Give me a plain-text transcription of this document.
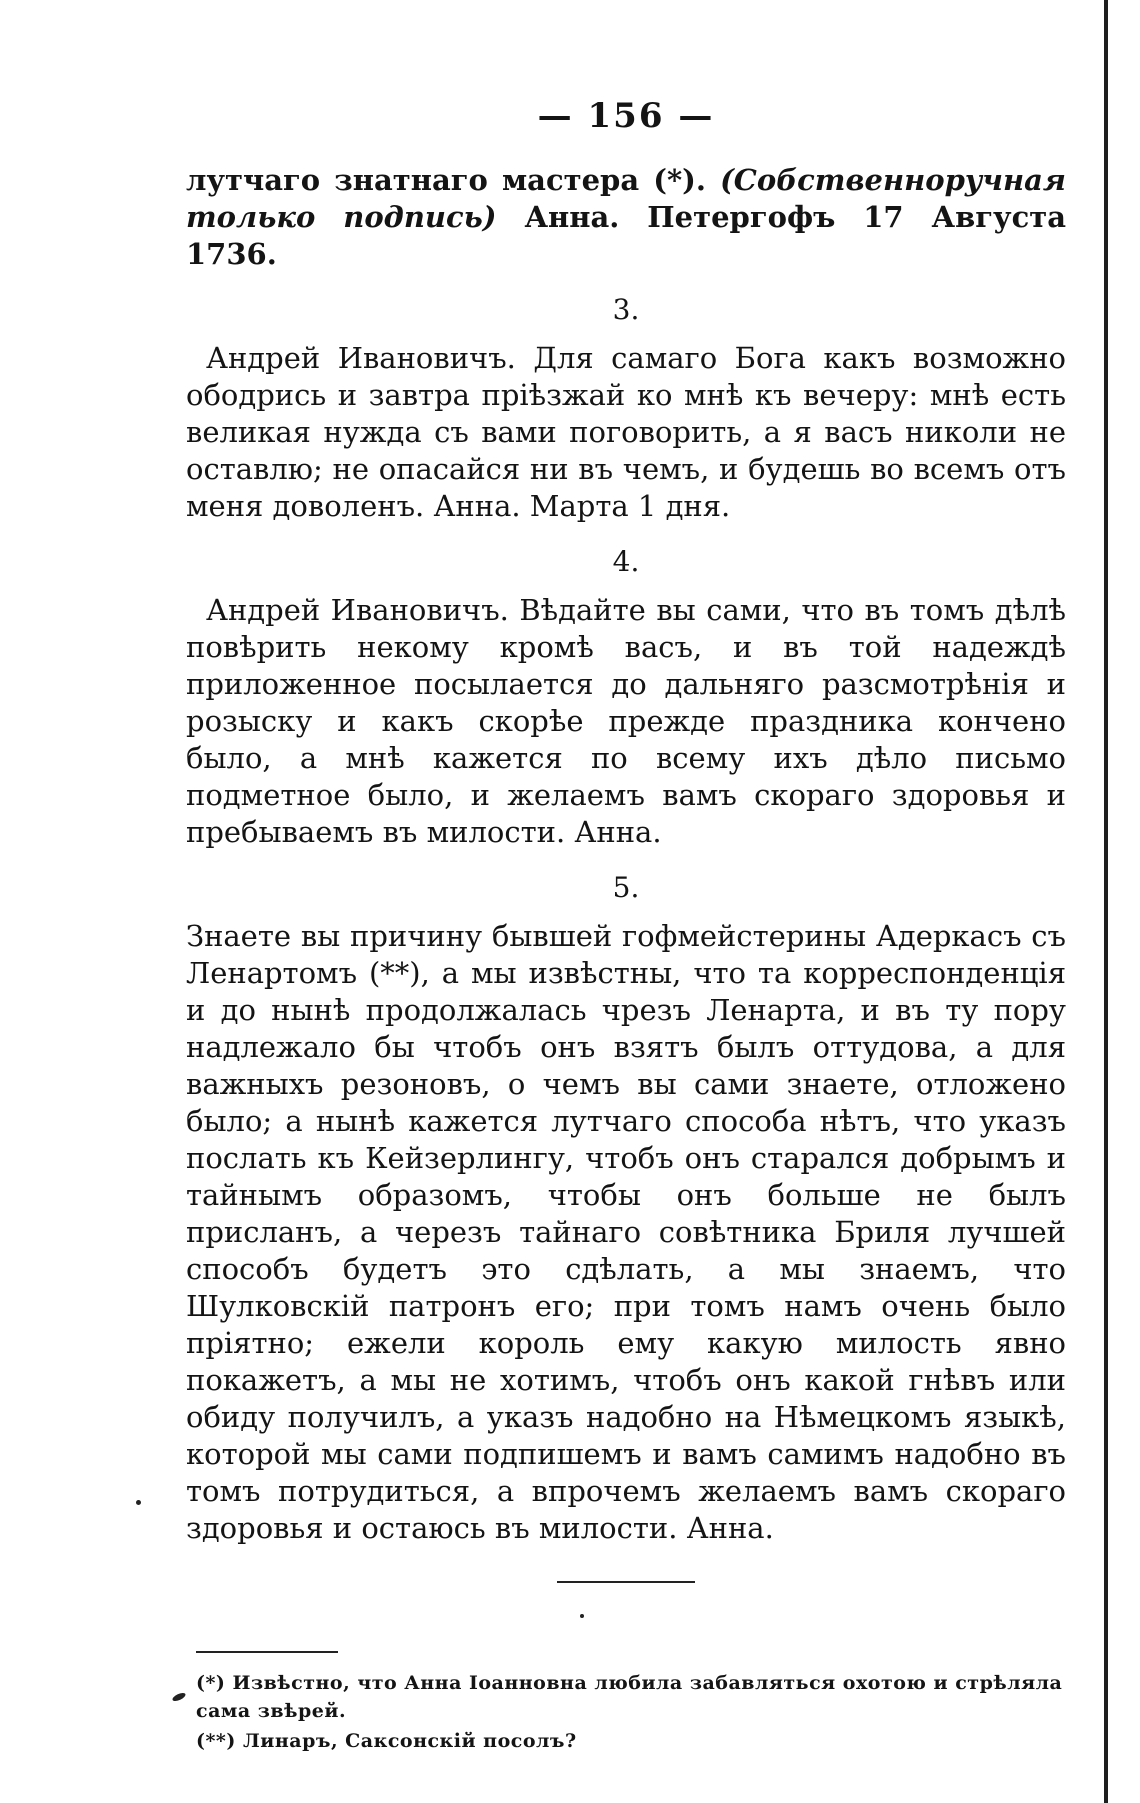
— 156 —

лутчаго знатнаго мастера (*). (Собственноручная только подпись) Анна. Петергофъ 17 Августа 1736.

3.

Андрей Ивановичъ. Для самаго Бога какъ возможно ободрись и завтра прiѣзжай ко мнѣ къ вечеру: мнѣ есть великая нужда съ вами поговорить, а я васъ николи не оставлю; не опасайся ни въ чемъ, и будешь во всемъ отъ меня доволенъ. Анна. Марта 1 дня.

4.

Андрей Ивановичъ. Вѣдайте вы сами, что въ томъ дѣлѣ повѣрить некому кромѣ васъ, и въ той надеждѣ приложенное посылается до дальняго разсмотрѣнiя и розыску и какъ скорѣе прежде праздника кончено было, а мнѣ кажется по всему ихъ дѣло письмо подметное было, и желаемъ вамъ скораго здоровья и пребываемъ въ милости. Анна.

5.

Знаете вы причину бывшей гофмейстерины Адеркасъ съ Ленартомъ (**), а мы извѣстны, что та корреспонденцiя и до нынѣ продолжалась чрезъ Ленарта, и въ ту пору надлежало бы чтобъ онъ взятъ былъ оттудова, а для важныхъ резоновъ, о чемъ вы сами знаете, отложено было; а нынѣ кажется лутчаго способа нѣтъ, что указъ послать къ Кейзерлингу, чтобъ онъ старался добрымъ и тайнымъ образомъ, чтобы онъ больше не былъ присланъ, а черезъ тайнаго совѣтника Бриля лучшей способъ будетъ это сдѣлать, а мы знаемъ, что Шулковскiй патронъ его; при томъ намъ очень было прiятно; ежели король ему какую милость явно покажетъ, а мы не хотимъ, чтобъ онъ какой гнѣвъ или обиду получилъ, а указъ надобно на Нѣмецкомъ языкѣ, которой мы сами подпишемъ и вамъ самимъ надобно въ томъ потрудиться, а впрочемъ желаемъ вамъ скораго здоровья и остаюсь въ милости. Анна.

(*) Извѣстно, что Анна Iоанновна любила забавляться охотою и стрѣляла сама звѣрей.

(**) Линаръ, Саксонскiй посолъ?
